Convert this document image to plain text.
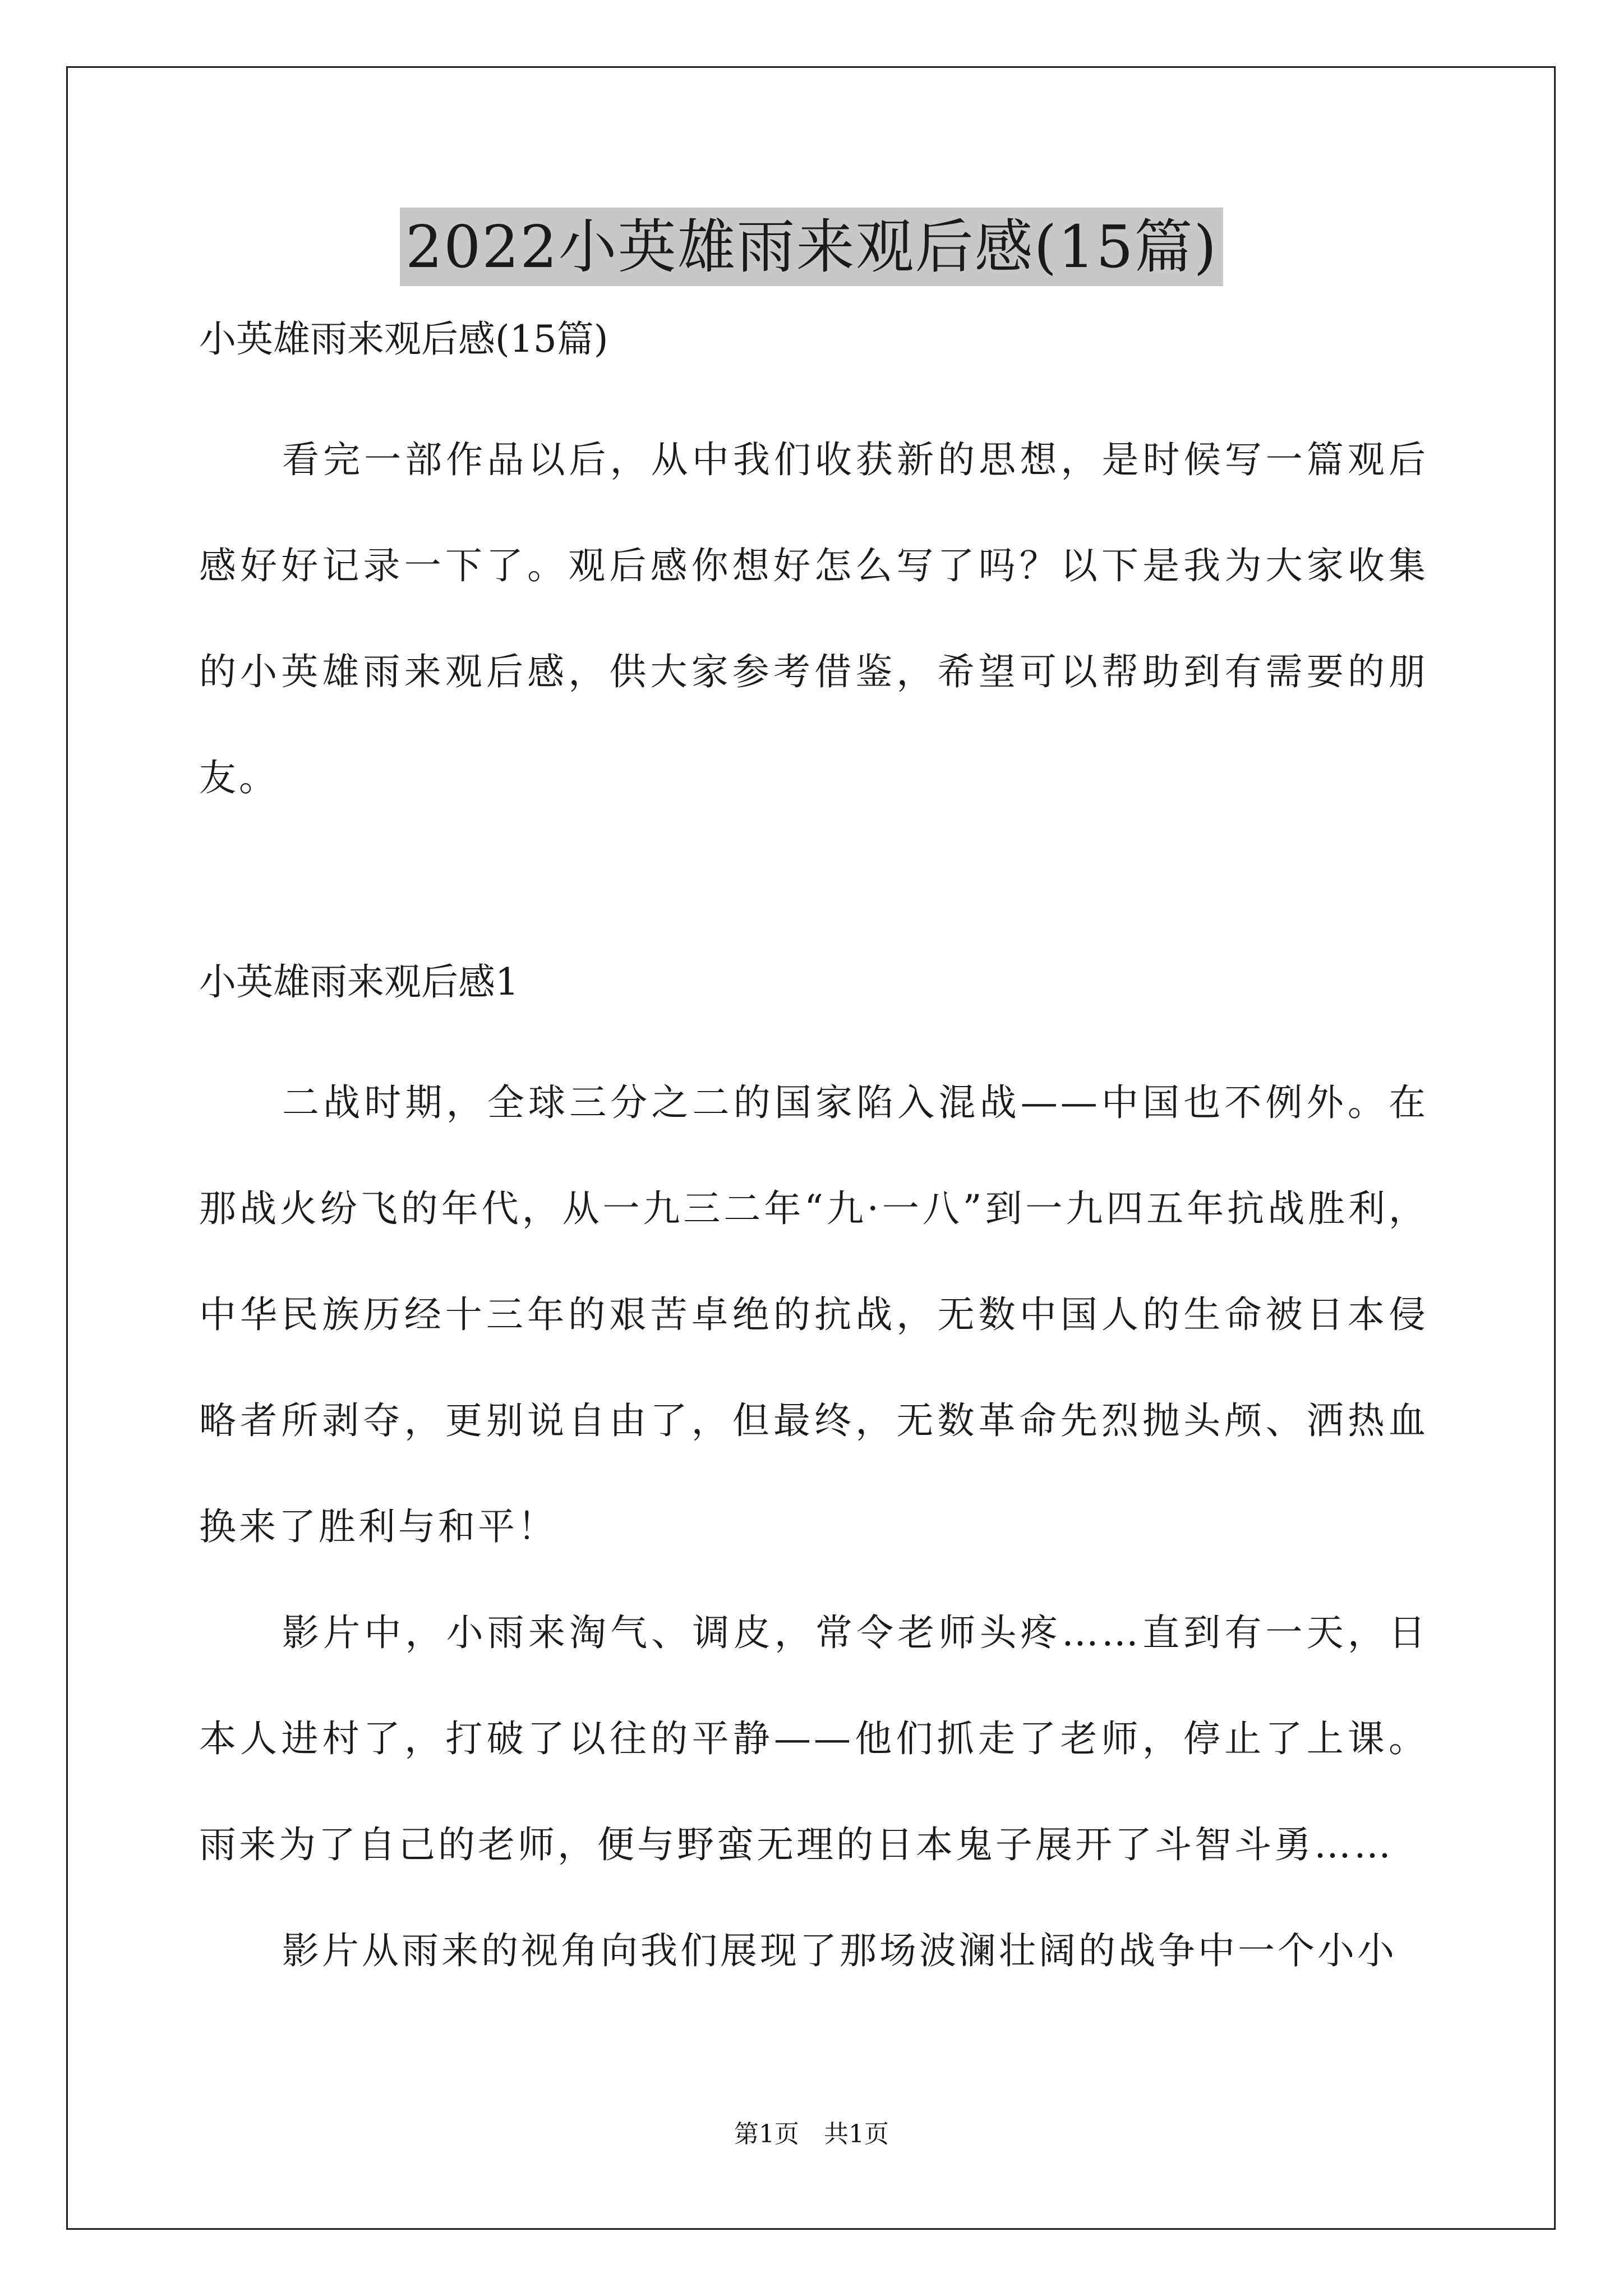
2022小英雄雨来观后感(15篇)

小英雄雨来观后感(15篇)

看完一部作品以后，从中我们收获新的思想，是时候写一篇观后感好好记录一下了。观后感你想好怎么写了吗？以下是我为大家收集的小英雄雨来观后感，供大家参考借鉴，希望可以帮助到有需要的朋友。

小英雄雨来观后感1

二战时期，全球三分之二的国家陷入混战——中国也不例外。在那战火纷飞的年代，从一九三二年“九·一八”到一九四五年抗战胜利，中华民族历经十三年的艰苦卓绝的抗战，无数中国人的生命被日本侵略者所剥夺，更别说自由了，但最终，无数革命先烈抛头颅、洒热血换来了胜利与和平！

影片中，小雨来淘气、调皮，常令老师头疼……直到有一天，日本人进村了，打破了以往的平静——他们抓走了老师，停止了上课。雨来为了自己的老师，便与野蛮无理的日本鬼子展开了斗智斗勇……

影片从雨来的视角向我们展现了那场波澜壮阔的战争中一个小小

第1页 共1页
